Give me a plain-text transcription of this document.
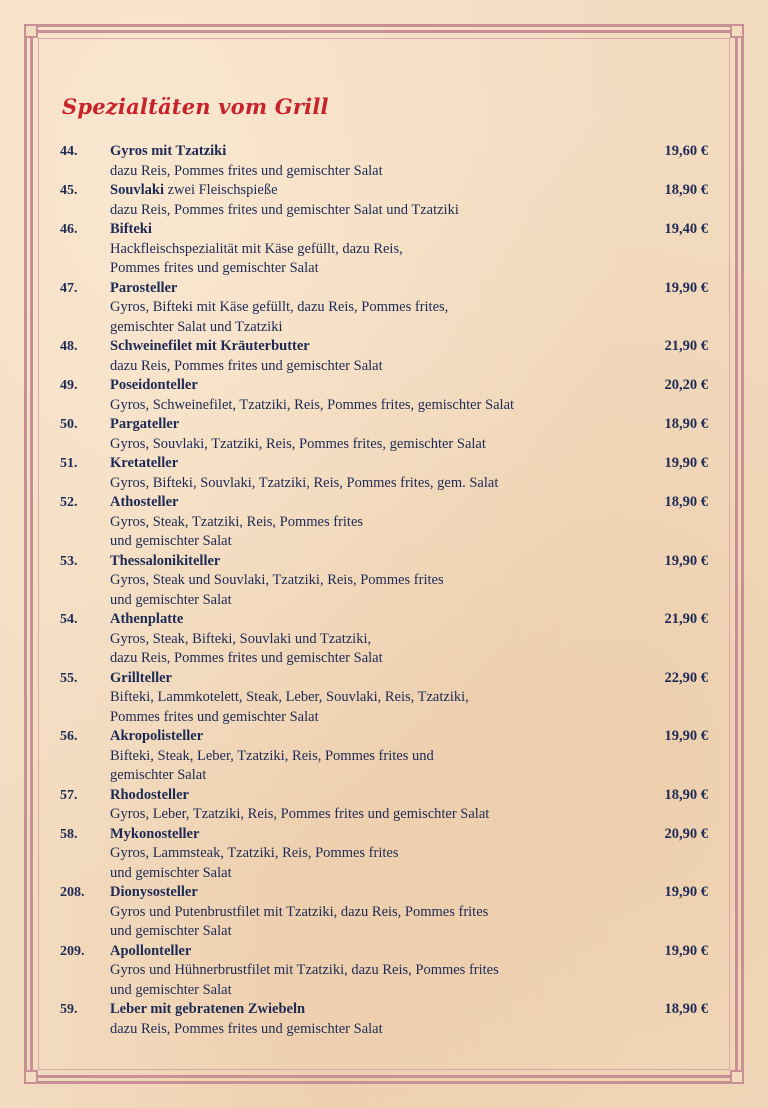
Spezialtäten vom Grill
44.	Gyros mit Tzatziki	19,60 €
dazu Reis, Pommes frites und gemischter Salat
45.	Souvlaki zwei Fleischspieße	18,90 €
dazu Reis, Pommes frites und gemischter Salat und Tzatziki
46.	Bifteki	19,40 €
Hackfleischspezialität mit Käse gefüllt, dazu Reis,
Pommes frites und gemischter Salat
47.	Parosteller	19,90 €
Gyros, Bifteki mit Käse gefüllt, dazu Reis, Pommes frites,
gemischter Salat und Tzatziki
48.	Schweinefilet mit Kräuterbutter	21,90 €
dazu Reis, Pommes frites und gemischter Salat
49.	Poseidonteller	20,20 €
Gyros, Schweinefilet, Tzatziki, Reis, Pommes frites, gemischter Salat
50.	Pargateller	18,90 €
Gyros, Souvlaki, Tzatziki, Reis, Pommes frites, gemischter Salat
51.	Kretateller	19,90 €
Gyros, Bifteki, Souvlaki, Tzatziki, Reis, Pommes frites, gem. Salat
52.	Athosteller	18,90 €
Gyros, Steak, Tzatziki, Reis, Pommes frites
und gemischter Salat
53.	Thessalonikiteller	19,90 €
Gyros, Steak und Souvlaki, Tzatziki, Reis, Pommes frites
und gemischter Salat
54.	Athenplatte	21,90 €
Gyros, Steak, Bifteki, Souvlaki und Tzatziki,
dazu Reis, Pommes frites und gemischter Salat
55.	Grillteller	22,90 €
Bifteki, Lammkotelett, Steak, Leber, Souvlaki, Reis, Tzatziki,
Pommes frites und gemischter Salat
56.	Akropolisteller	19,90 €
Bifteki, Steak, Leber, Tzatziki, Reis, Pommes frites und
gemischter Salat
57.	Rhodosteller	18,90 €
Gyros, Leber, Tzatziki, Reis, Pommes frites und gemischter Salat
58.	Mykonosteller	20,90 €
Gyros, Lammsteak, Tzatziki, Reis, Pommes frites
und gemischter Salat
208.	Dionysosteller	19,90 €
Gyros und Putenbrustfilet mit Tzatziki, dazu Reis, Pommes frites
und gemischter Salat
209.	Apollonteller	19,90 €
Gyros und Hühnerbrustfilet mit Tzatziki, dazu Reis, Pommes frites
und gemischter Salat
59.	Leber mit gebratenen Zwiebeln	18,90 €
dazu Reis, Pommes frites und gemischter Salat
